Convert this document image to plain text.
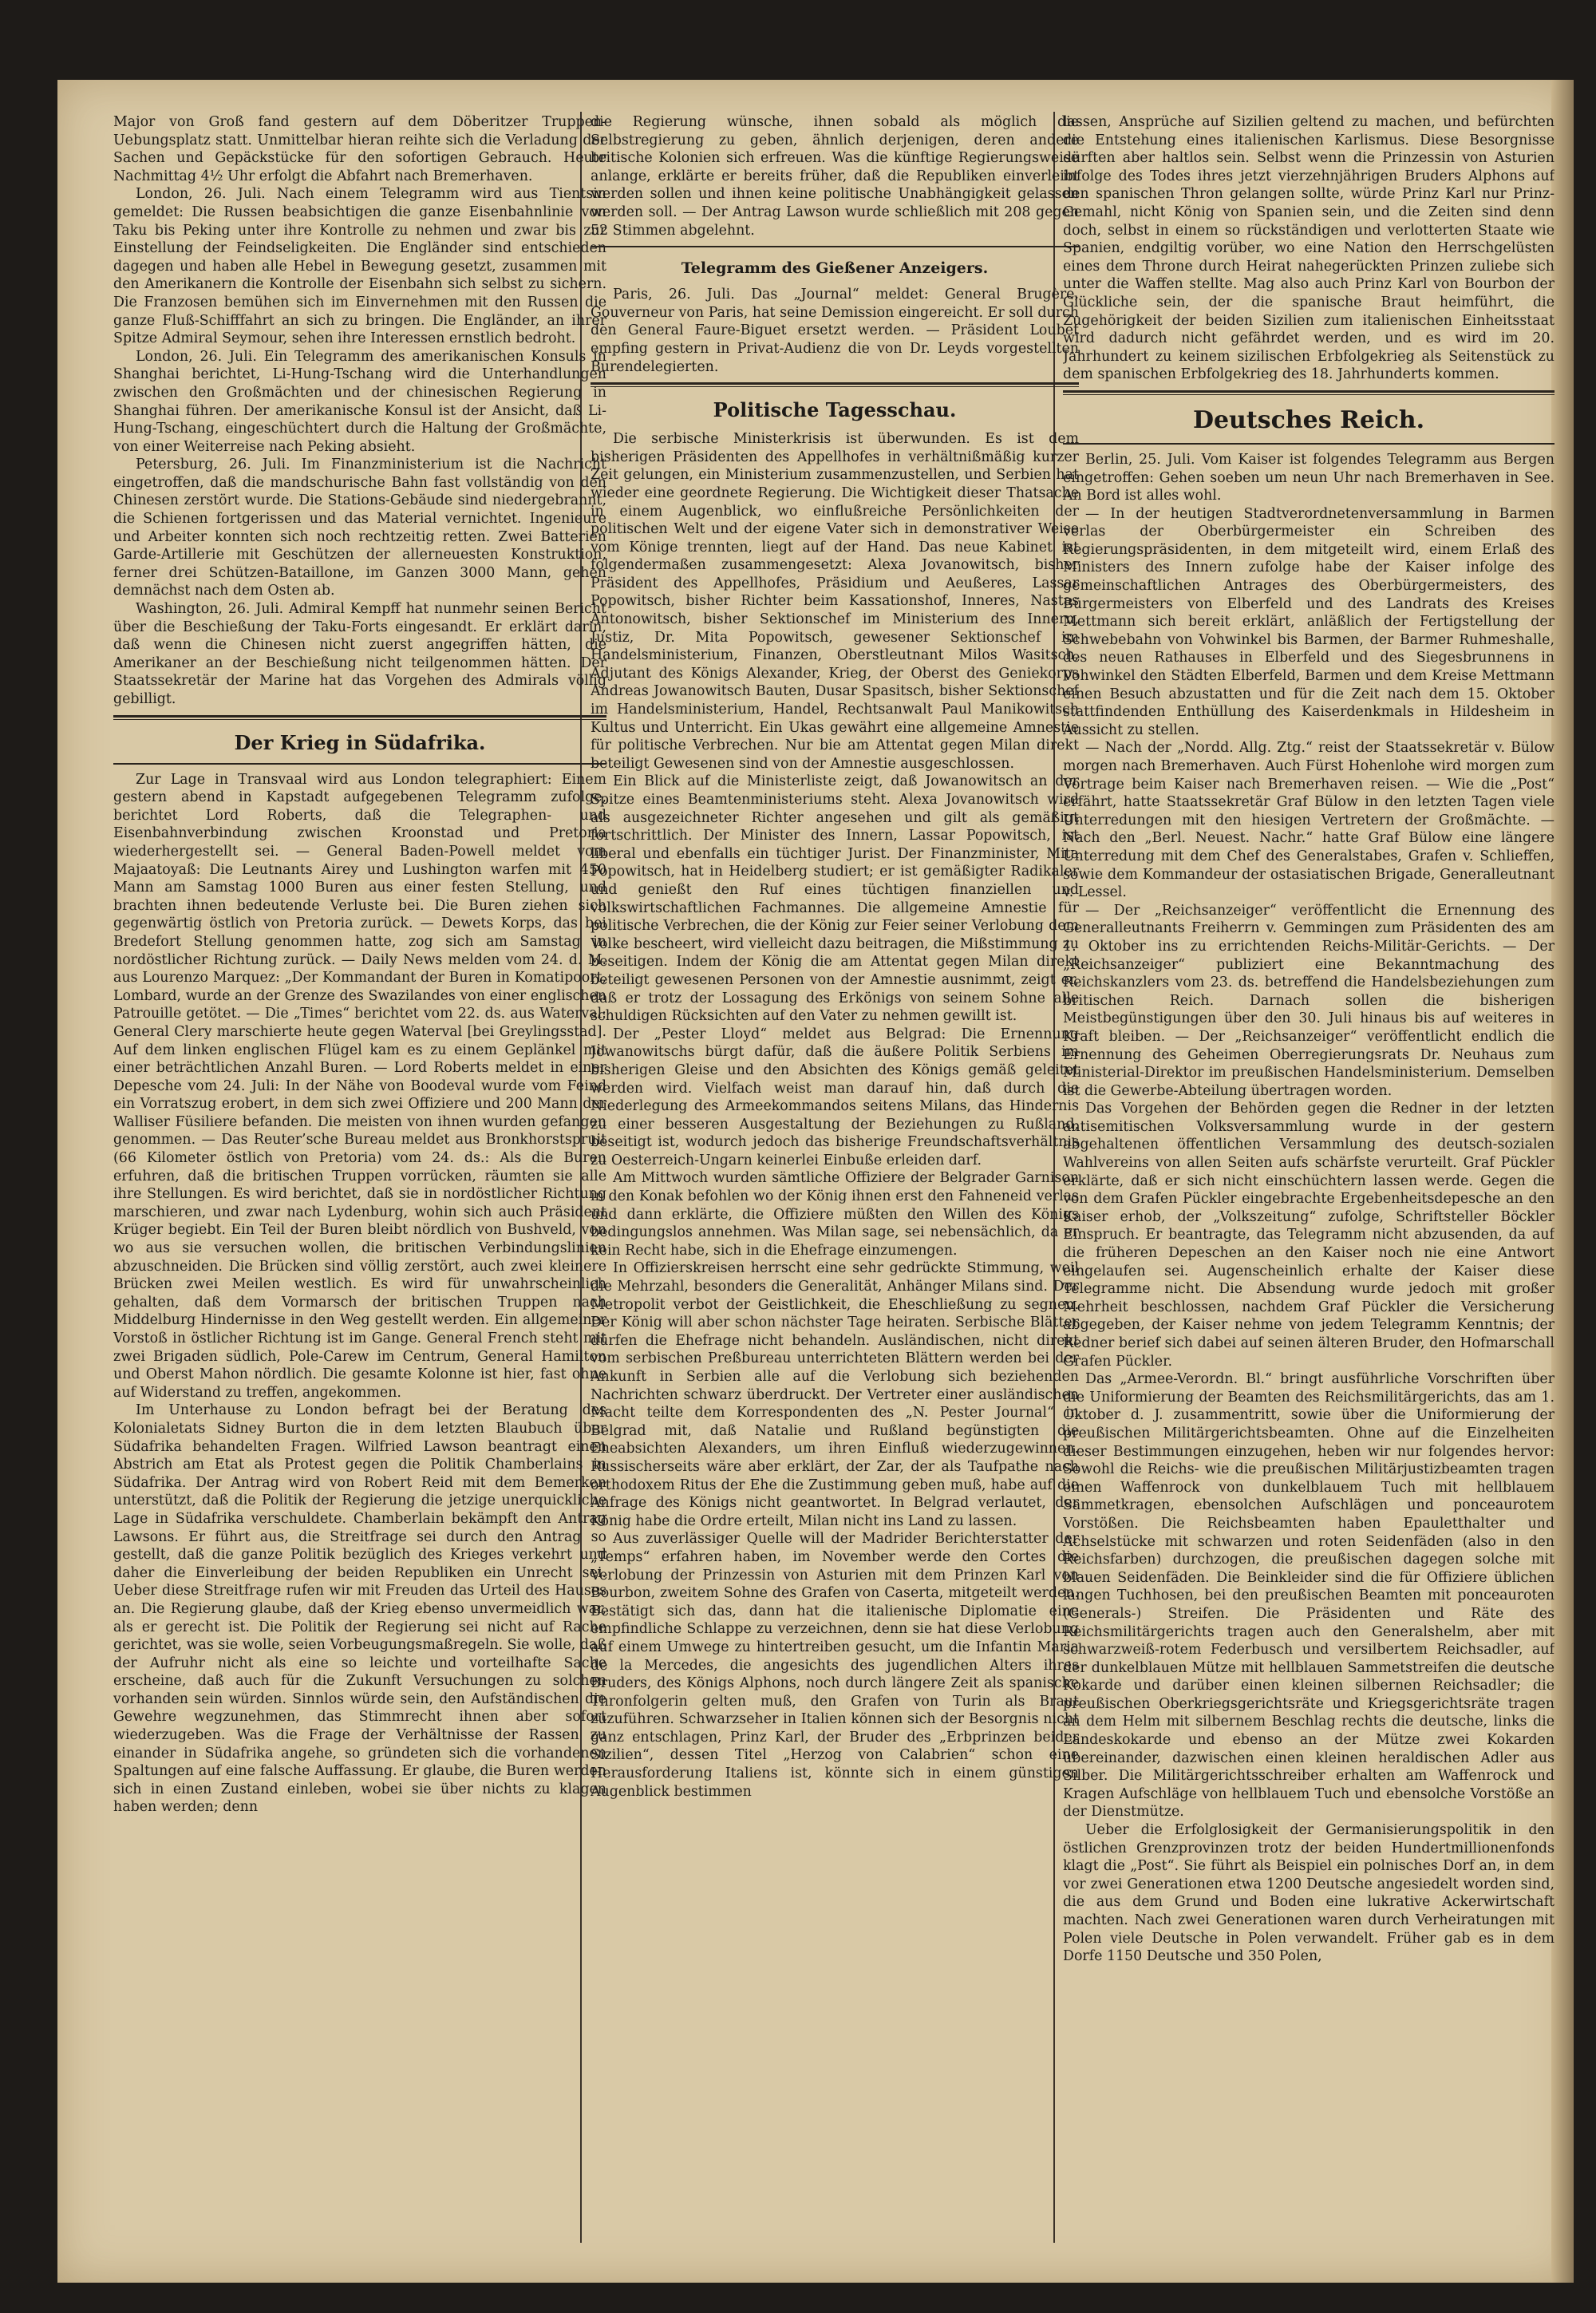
Major von Groß fand gestern auf dem Döberitzer Truppen-Uebungsplatz statt. Unmittelbar hieran reihte sich die Verladung der Sachen und Gepäckstücke für den sofortigen Gebrauch. Heute Nachmittag 4½ Uhr erfolgt die Abfahrt nach Bremerhaven.

London, 26. Juli. Nach einem Telegramm wird aus Tientsin gemeldet: Die Russen beabsichtigen die ganze Eisenbahnlinie von Taku bis Peking unter ihre Kontrolle zu nehmen und zwar bis zur Einstellung der Feindseligkeiten. Die Engländer sind entschieden dagegen und haben alle Hebel in Bewegung gesetzt, zusammen mit den Amerikanern die Kontrolle der Eisenbahn sich selbst zu sichern. Die Franzosen bemühen sich im Einvernehmen mit den Russen die ganze Fluß-Schifffahrt an sich zu bringen. Die Engländer, an ihrer Spitze Admiral Seymour, sehen ihre Interessen ernstlich bedroht.

London, 26. Juli. Ein Telegramm des amerikanischen Konsuls in Shanghai berichtet, Li-Hung-Tschang wird die Unterhandlungen zwischen den Großmächten und der chinesischen Regierung in Shanghai führen. Der amerikanische Konsul ist der Ansicht, daß Li-Hung-Tschang, eingeschüchtert durch die Haltung der Großmächte, von einer Weiterreise nach Peking absieht.

Petersburg, 26. Juli. Im Finanzministerium ist die Nachricht eingetroffen, daß die mandschurische Bahn fast vollständig von den Chinesen zerstört wurde. Die Stations-Gebäude sind niedergebrannt, die Schienen fortgerissen und das Material vernichtet. Ingenieure und Arbeiter konnten sich noch rechtzeitig retten. Zwei Batterien Garde-Artillerie mit Geschützen der allerneuesten Konstruktion, ferner drei Schützen-Bataillone, im Ganzen 3000 Mann, gehen demnächst nach dem Osten ab.

Washington, 26. Juli. Admiral Kempff hat nunmehr seinen Bericht über die Beschießung der Taku-Forts eingesandt. Er erklärt darin, daß wenn die Chinesen nicht zuerst angegriffen hätten, die Amerikaner an der Beschießung nicht teilgenommen hätten. Der Staatssekretär der Marine hat das Vorgehen des Admirals völlig gebilligt.

Der Krieg in Südafrika.

Zur Lage in Transvaal wird aus London telegraphiert: Einem gestern abend in Kapstadt aufgegebenen Telegramm zufolge, berichtet Lord Roberts, daß die Telegraphen- und Eisenbahnverbindung zwischen Kroonstad und Pretoria wiederhergestellt sei. — General Baden-Powell meldet vom Majaatoyaß: Die Leutnants Airey und Lushington warfen mit 450 Mann am Samstag 1000 Buren aus einer festen Stellung, und brachten ihnen bedeutende Verluste bei. Die Buren ziehen sich gegenwärtig östlich von Pretoria zurück. — Dewets Korps, das bei Bredefort Stellung genommen hatte, zog sich am Samstag in nordöstlicher Richtung zurück. — Daily News melden vom 24. d. M. aus Lourenzo Marquez: „Der Kommandant der Buren in Komatipoort, Lombard, wurde an der Grenze des Swazilandes von einer englischen Patrouille getötet. — Die „Times“ berichtet vom 22. ds. aus Waterval: General Clery marschierte heute gegen Waterval [bei Greylingsstad]. Auf dem linken englischen Flügel kam es zu einem Geplänkel mit einer beträchtlichen Anzahl Buren. — Lord Roberts meldet in einer Depesche vom 24. Juli: In der Nähe von Boodeval wurde vom Feind ein Vorratszug erobert, in dem sich zwei Offiziere und 200 Mann der Walliser Füsiliere befanden. Die meisten von ihnen wurden gefangen genommen. — Das Reuter’sche Bureau meldet aus Bronkhorstspruit (66 Kilometer östlich von Pretoria) vom 24. ds.: Als die Buren erfuhren, daß die britischen Truppen vorrücken, räumten sie alle ihre Stellungen. Es wird berichtet, daß sie in nordöstlicher Richtung marschieren, und zwar nach Lydenburg, wohin sich auch Präsident Krüger begiebt. Ein Teil der Buren bleibt nördlich von Bushveld, von wo aus sie versuchen wollen, die britischen Verbindungslinien abzuschneiden. Die Brücken sind völlig zerstört, auch zwei kleinere Brücken zwei Meilen westlich. Es wird für unwahrscheinlich gehalten, daß dem Vormarsch der britischen Truppen nach Middelburg Hindernisse in den Weg gestellt werden. Ein allgemeiner Vorstoß in östlicher Richtung ist im Gange. General French steht mit zwei Brigaden südlich, Pole-Carew im Centrum, General Hamilton und Oberst Mahon nördlich. Die gesamte Kolonne ist hier, fast ohne auf Widerstand zu treffen, angekommen.

Im Unterhause zu London befragt bei der Beratung des Kolonialetats Sidney Burton die in dem letzten Blaubuch über Südafrika behandelten Fragen. Wilfried Lawson beantragt einen Abstrich am Etat als Protest gegen die Politik Chamberlains in Südafrika. Der Antrag wird von Robert Reid mit dem Bemerken unterstützt, daß die Politik der Regierung die jetzige unerquickliche Lage in Südafrika verschuldete. Chamberlain bekämpft den Antrag Lawsons. Er führt aus, die Streitfrage sei durch den Antrag so gestellt, daß die ganze Politik bezüglich des Krieges verkehrt und daher die Einverleibung der beiden Republiken ein Unrecht sei. Ueber diese Streitfrage rufen wir mit Freuden das Urteil des Hauses an. Die Regierung glaube, daß der Krieg ebenso unvermeidlich war, als er gerecht ist. Die Politik der Regierung sei nicht auf Rache gerichtet, was sie wolle, seien Vorbeugungsmaßregeln. Sie wolle, daß der Aufruhr nicht als eine so leichte und vorteilhafte Sache erscheine, daß auch für die Zukunft Versuchungen zu solchen vorhanden sein würden. Sinnlos würde sein, den Aufständischen die Gewehre wegzunehmen, das Stimmrecht ihnen aber sofort wiederzugeben. Was die Frage der Verhältnisse der Rassen zu einander in Südafrika angehe, so gründeten sich die vorhandenen Spaltungen auf eine falsche Auffassung. Er glaube, die Buren werden sich in einen Zustand einleben, wobei sie über nichts zu klagen haben werden; denn

die Regierung wünsche, ihnen sobald als möglich die Selbstregierung zu geben, ähnlich derjenigen, deren andere britische Kolonien sich erfreuen. Was die künftige Regierungsweise anlange, erklärte er bereits früher, daß die Republiken einverleibt werden sollen und ihnen keine politische Unabhängigkeit gelassen werden soll. — Der Antrag Lawson wurde schließlich mit 208 gegen 52 Stimmen abgelehnt.

Telegramm des Gießener Anzeigers.

Paris, 26. Juli. Das „Journal“ meldet: General Brugère, Gouverneur von Paris, hat seine Demission eingereicht. Er soll durch den General Faure-Biguet ersetzt werden. — Präsident Loubet empfing gestern in Privat-Audienz die von Dr. Leyds vorgestellten Burendelegierten.

Politische Tagesschau.

Die serbische Ministerkrisis ist überwunden. Es ist dem bisherigen Präsidenten des Appellhofes in verhältnißmäßig kurzer Zeit gelungen, ein Ministerium zusammenzustellen, und Serbien hat wieder eine geordnete Regierung. Die Wichtigkeit dieser Thatsache in einem Augenblick, wo einflußreiche Persönlichkeiten der politischen Welt und der eigene Vater sich in demonstrativer Weise vom Könige trennten, liegt auf der Hand. Das neue Kabinet ist folgendermaßen zusammengesetzt: Alexa Jovanowitsch, bisher Präsident des Appellhofes, Präsidium und Aeußeres, Lassar Popowitsch, bisher Richter beim Kassationshof, Inneres, Nastas Antonowitsch, bisher Sektionschef im Ministerium des Innern, Justiz, Dr. Mita Popowitsch, gewesener Sektionschef im Handelsministerium, Finanzen, Oberstleutnant Milos Wasitsch, Adjutant des Königs Alexander, Krieg, der Oberst des Geniekorps Andreas Jowanowitsch Bauten, Dusar Spasitsch, bisher Sektionschef im Handelsministerium, Handel, Rechtsanwalt Paul Manikowitsch Kultus und Unterricht. Ein Ukas gewährt eine allgemeine Amnestie für politische Verbrechen. Nur bie am Attentat gegen Milan direkt beteiligt Gewesenen sind von der Amnestie ausgeschlossen.

Ein Blick auf die Ministerliste zeigt, daß Jowanowitsch an der Spitze eines Beamtenministeriums steht. Alexa Jovanowitsch wird als ausgezeichneter Richter angesehen und gilt als gemäßigt fortschrittlich. Der Minister des Innern, Lassar Popowitsch, ist liberal und ebenfalls ein tüchtiger Jurist. Der Finanzminister, Mita Popowitsch, hat in Heidelberg studiert; er ist gemäßigter Radikaler und genießt den Ruf eines tüchtigen finanziellen und volkswirtschaftlichen Fachmannes. Die allgemeine Amnestie für politische Verbrechen, die der König zur Feier seiner Verlobung dem Volke bescheert, wird vielleicht dazu beitragen, die Mißstimmung zu beseitigen. Indem der König die am Attentat gegen Milan direkt beteiligt gewesenen Personen von der Amnestie ausnimmt, zeigt er, daß er trotz der Lossagung des Erkönigs von seinem Sohne alle schuldigen Rücksichten auf den Vater zu nehmen gewillt ist.

Der „Pester Lloyd“ meldet aus Belgrad: Die Ernennung Jowanowitschs bürgt dafür, daß die äußere Politik Serbiens im bisherigen Gleise und den Absichten des Königs gemäß geleitet werden wird. Vielfach weist man darauf hin, daß durch die Niederlegung des Armeekommandos seitens Milans, das Hindernis zu einer besseren Ausgestaltung der Beziehungen zu Rußland, beseitigt ist, wodurch jedoch das bisherige Freundschaftsverhältnis zu Oesterreich-Ungarn keinerlei Einbuße erleiden darf.

Am Mittwoch wurden sämtliche Offiziere der Belgrader Garnison in den Konak befohlen wo der König ihnen erst den Fahneneid verlas und dann erklärte, die Offiziere müßten den Willen des Königs bedingungslos annehmen. Was Milan sage, sei nebensächlich, da er kein Recht habe, sich in die Ehefrage einzumengen.

In Offizierskreisen herrscht eine sehr gedrückte Stimmung, weil die Mehrzahl, besonders die Generalität, Anhänger Milans sind. Der Metropolit verbot der Geistlichkeit, die Eheschließung zu segnen. Der König will aber schon nächster Tage heiraten. Serbische Blätter dürfen die Ehefrage nicht behandeln. Ausländischen, nicht direkt vom serbischen Preßbureau unterrichteten Blättern werden bei der Ankunft in Serbien alle auf die Verlobung sich beziehenden Nachrichten schwarz überdruckt. Der Vertreter einer ausländischen Macht teilte dem Korrespondenten des „N. Pester Journal“ in Belgrad mit, daß Natalie und Rußland begünstigten die Eheabsichten Alexanders, um ihren Einfluß wiederzugewinnen. Russischerseits wäre aber erklärt, der Zar, der als Taufpathe nach orthodoxem Ritus der Ehe die Zustimmung geben muß, habe auf die Anfrage des Königs nicht geantwortet. In Belgrad verlautet, der König habe die Ordre erteilt, Milan nicht ins Land zu lassen.

Aus zuverlässiger Quelle will der Madrider Berichterstatter der „Temps“ erfahren haben, im November werde den Cortes die Verlobung der Prinzessin von Asturien mit dem Prinzen Karl von Bourbon, zweitem Sohne des Grafen von Caserta, mitgeteilt werden. Bestätigt sich das, dann hat die italienische Diplomatie eine empfindliche Schlappe zu verzeichnen, denn sie hat diese Verlobung auf einem Umwege zu hintertreiben gesucht, um die Infantin Maria de la Mercedes, die angesichts des jugendlichen Alters ihres Bruders, des Königs Alphons, noch durch längere Zeit als spanische Thronfolgerin gelten muß, den Grafen von Turin als Braut zuzuführen. Schwarzseher in Italien können sich der Besorgnis nicht ganz entschlagen, Prinz Karl, der Bruder des „Erbprinzen beider Sizilien“, dessen Titel „Herzog von Calabrien“ schon eine Herausforderung Italiens ist, könnte sich in einem günstigen Augenblick bestimmen

lassen, Ansprüche auf Sizilien geltend zu machen, und befürchten die Entstehung eines italienischen Karlismus. Diese Besorgnisse dürften aber haltlos sein. Selbst wenn die Prinzessin von Asturien infolge des Todes ihres jetzt vierzehnjährigen Bruders Alphons auf den spanischen Thron gelangen sollte, würde Prinz Karl nur Prinz-Gemahl, nicht König von Spanien sein, und die Zeiten sind denn doch, selbst in einem so rückständigen und verlotterten Staate wie Spanien, endgiltig vorüber, wo eine Nation den Herrschgelüsten eines dem Throne durch Heirat nahegerückten Prinzen zuliebe sich unter die Waffen stellte. Mag also auch Prinz Karl von Bourbon der Glückliche sein, der die spanische Braut heimführt, die Zugehörigkeit der beiden Sizilien zum italienischen Einheitsstaat wird dadurch nicht gefährdet werden, und es wird im 20. Jahrhundert zu keinem sizilischen Erbfolgekrieg als Seitenstück zu dem spanischen Erbfolgekrieg des 18. Jahrhunderts kommen.

Deutsches Reich.

Berlin, 25. Juli. Vom Kaiser ist folgendes Telegramm aus Bergen eingetroffen: Gehen soeben um neun Uhr nach Bremerhaven in See. An Bord ist alles wohl.

— In der heutigen Stadtverordnetenversammlung in Barmen verlas der Oberbürgermeister ein Schreiben des Regierungspräsidenten, in dem mitgeteilt wird, einem Erlaß des Ministers des Innern zufolge habe der Kaiser infolge des gemeinschaftlichen Antrages des Oberbürgermeisters, des Bürgermeisters von Elberfeld und des Landrats des Kreises Mettmann sich bereit erklärt, anläßlich der Fertigstellung der Schwebebahn von Vohwinkel bis Barmen, der Barmer Ruhmeshalle, des neuen Rathauses in Elberfeld und des Siegesbrunnens in Vohwinkel den Städten Elberfeld, Barmen und dem Kreise Mettmann einen Besuch abzustatten und für die Zeit nach dem 15. Oktober stattfindenden Enthüllung des Kaiserdenkmals in Hildesheim in Aussicht zu stellen.

— Nach der „Nordd. Allg. Ztg.“ reist der Staatssekretär v. Bülow morgen nach Bremerhaven. Auch Fürst Hohenlohe wird morgen zum Vortrage beim Kaiser nach Bremerhaven reisen. — Wie die „Post“ erfährt, hatte Staatssekretär Graf Bülow in den letzten Tagen viele Unterredungen mit den hiesigen Vertretern der Großmächte. — Nach den „Berl. Neuest. Nachr.“ hatte Graf Bülow eine längere Unterredung mit dem Chef des Generalstabes, Grafen v. Schlieffen, sowie dem Kommandeur der ostasiatischen Brigade, Generalleutnant v. Lessel.

— Der „Reichsanzeiger“ veröffentlicht die Ernennung des Generalleutnants Freiherrn v. Gemmingen zum Präsidenten des am 1. Oktober ins zu errichtenden Reichs-Militär-Gerichts. — Der „Reichsanzeiger“ publiziert eine Bekanntmachung des Reichskanzlers vom 23. ds. betreffend die Handelsbeziehungen zum britischen Reich. Darnach sollen die bisherigen Meistbegünstigungen über den 30. Juli hinaus bis auf weiteres in Kraft bleiben. — Der „Reichsanzeiger“ veröffentlicht endlich die Ernennung des Geheimen Oberregierungsrats Dr. Neuhaus zum Ministerial-Direktor im preußischen Handelsministerium. Demselben ist die Gewerbe-Abteilung übertragen worden.

Das Vorgehen der Behörden gegen die Redner in der letzten antisemitischen Volksversammlung wurde in der gestern abgehaltenen öffentlichen Versammlung des deutsch-sozialen Wahlvereins von allen Seiten aufs schärfste verurteilt. Graf Pückler erklärte, daß er sich nicht einschüchtern lassen werde. Gegen die von dem Grafen Pückler eingebrachte Ergebenheitsdepesche an den Kaiser erhob, der „Volkszeitung“ zufolge, Schriftsteller Böckler Einspruch. Er beantragte, das Telegramm nicht abzusenden, da auf die früheren Depeschen an den Kaiser noch nie eine Antwort eingelaufen sei. Augenscheinlich erhalte der Kaiser diese Telegramme nicht. Die Absendung wurde jedoch mit großer Mehrheit beschlossen, nachdem Graf Pückler die Versicherung abgegeben, der Kaiser nehme von jedem Telegramm Kenntnis; der Redner berief sich dabei auf seinen älteren Bruder, den Hofmarschall Grafen Pückler.

Das „Armee-Verordn. Bl.“ bringt ausführliche Vorschriften über die Uniformierung der Beamten des Reichsmilitärgerichts, das am 1. Oktober d. J. zusammentritt, sowie über die Uniformierung der preußischen Militärgerichtsbeamten. Ohne auf die Einzelheiten dieser Bestimmungen einzugehen, heben wir nur folgendes hervor: Sowohl die Reichs- wie die preußischen Militärjustizbeamten tragen einen Waffenrock von dunkelblauem Tuch mit hellblauem Sammetkragen, ebensolchen Aufschlägen und ponceaurotem Vorstößen. Die Reichsbeamten haben Epauletthalter und Achselstücke mit schwarzen und roten Seidenfäden (also in den Reichsfarben) durchzogen, die preußischen dagegen solche mit blauen Seidenfäden. Die Beinkleider sind die für Offiziere üblichen langen Tuchhosen, bei den preußischen Beamten mit ponceauroten (Generals-) Streifen. Die Präsidenten und Räte des Reichsmilitärgerichts tragen auch den Generalshelm, aber mit schwarzweiß-rotem Federbusch und versilbertem Reichsadler, auf der dunkelblauen Mütze mit hellblauen Sammetstreifen die deutsche Kokarde und darüber einen kleinen silbernen Reichsadler; die preußischen Oberkriegsgerichtsräte und Kriegsgerichtsräte tragen an dem Helm mit silbernem Beschlag rechts die deutsche, links die Landeskokarde und ebenso an der Mütze zwei Kokarden übereinander, dazwischen einen kleinen heraldischen Adler aus Silber. Die Militärgerichtsschreiber erhalten am Waffenrock und Kragen Aufschläge von hellblauem Tuch und ebensolche Vorstöße an der Dienstmütze.

Ueber die Erfolglosigkeit der Germanisierungspolitik in den östlichen Grenzprovinzen trotz der beiden Hundertmillionenfonds klagt die „Post“. Sie führt als Beispiel ein polnisches Dorf an, in dem vor zwei Generationen etwa 1200 Deutsche angesiedelt worden sind, die aus dem Grund und Boden eine lukrative Ackerwirtschaft machten. Nach zwei Generationen waren durch Verheiratungen mit Polen viele Deutsche in Polen verwandelt. Früher gab es in dem Dorfe 1150 Deutsche und 350 Polen,
